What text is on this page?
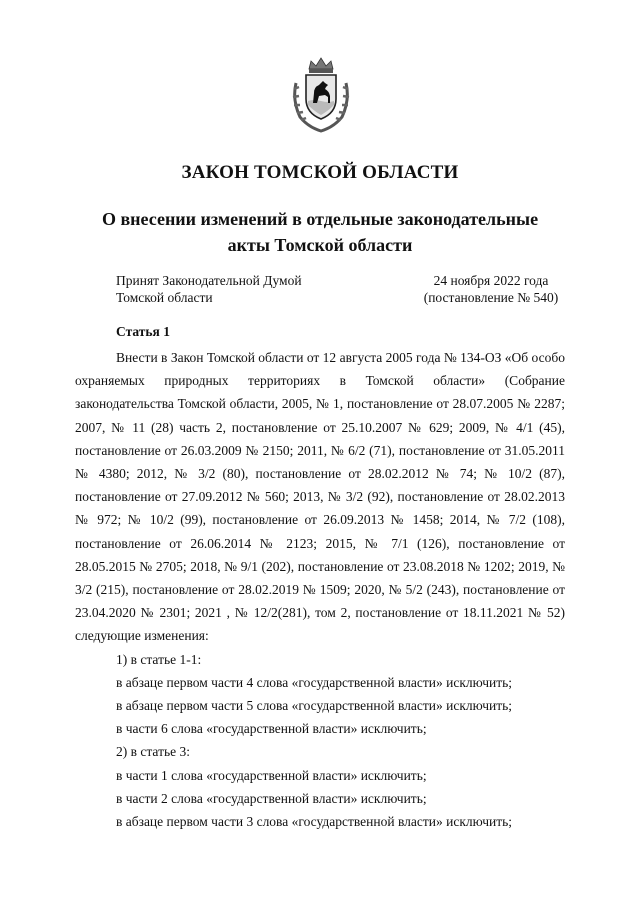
ЗАКОН ТОМСКОЙ ОБЛАСТИ
О внесении изменений в отдельные законодательные
акты Томской области
Принят Законодательной Думой
Томской области
24 ноября 2022 года
(постановление № 540)
Статья 1

Внести в Закон Томской области от 12 августа 2005 года № 134-ОЗ «Об особо охраняемых природных территориях в Томской области» (Собрание законодательства Томской области, 2005, № 1, постановление от 28.07.2005 № 2287; 2007, № 11 (28) часть 2, постановление от 25.10.2007 № 629; 2009, № 4/1 (45), постановление от 26.03.2009 № 2150; 2011, № 6/2 (71), постановление от 31.05.2011 № 4380; 2012, № 3/2 (80), постановление от 28.02.2012 № 74; № 10/2 (87), постановление от 27.09.2012 № 560; 2013, № 3/2 (92), постановление от 28.02.2013 № 972; № 10/2 (99), постановление от 26.09.2013 № 1458; 2014, № 7/2 (108), постановление от 26.06.2014 № 2123; 2015, № 7/1 (126), постановление от 28.05.2015 № 2705; 2018, № 9/1 (202), постановление от 23.08.2018 № 1202; 2019, № 3/2 (215), постановление от 28.02.2019 № 1509; 2020, № 5/2 (243), постановление от 23.04.2020 № 2301; 2021 , № 12/2(281), том 2, постановление от 18.11.2021 № 52) следующие изменения:

1) в статье 1-1:

в абзаце первом части 4 слова «государственной власти» исключить;

в абзаце первом части 5 слова «государственной власти» исключить;

в части 6 слова «государственной власти» исключить;

2) в статье 3:

в части 1 слова «государственной власти» исключить;

в части 2 слова «государственной власти» исключить;

в абзаце первом части 3 слова «государственной власти» исключить;
